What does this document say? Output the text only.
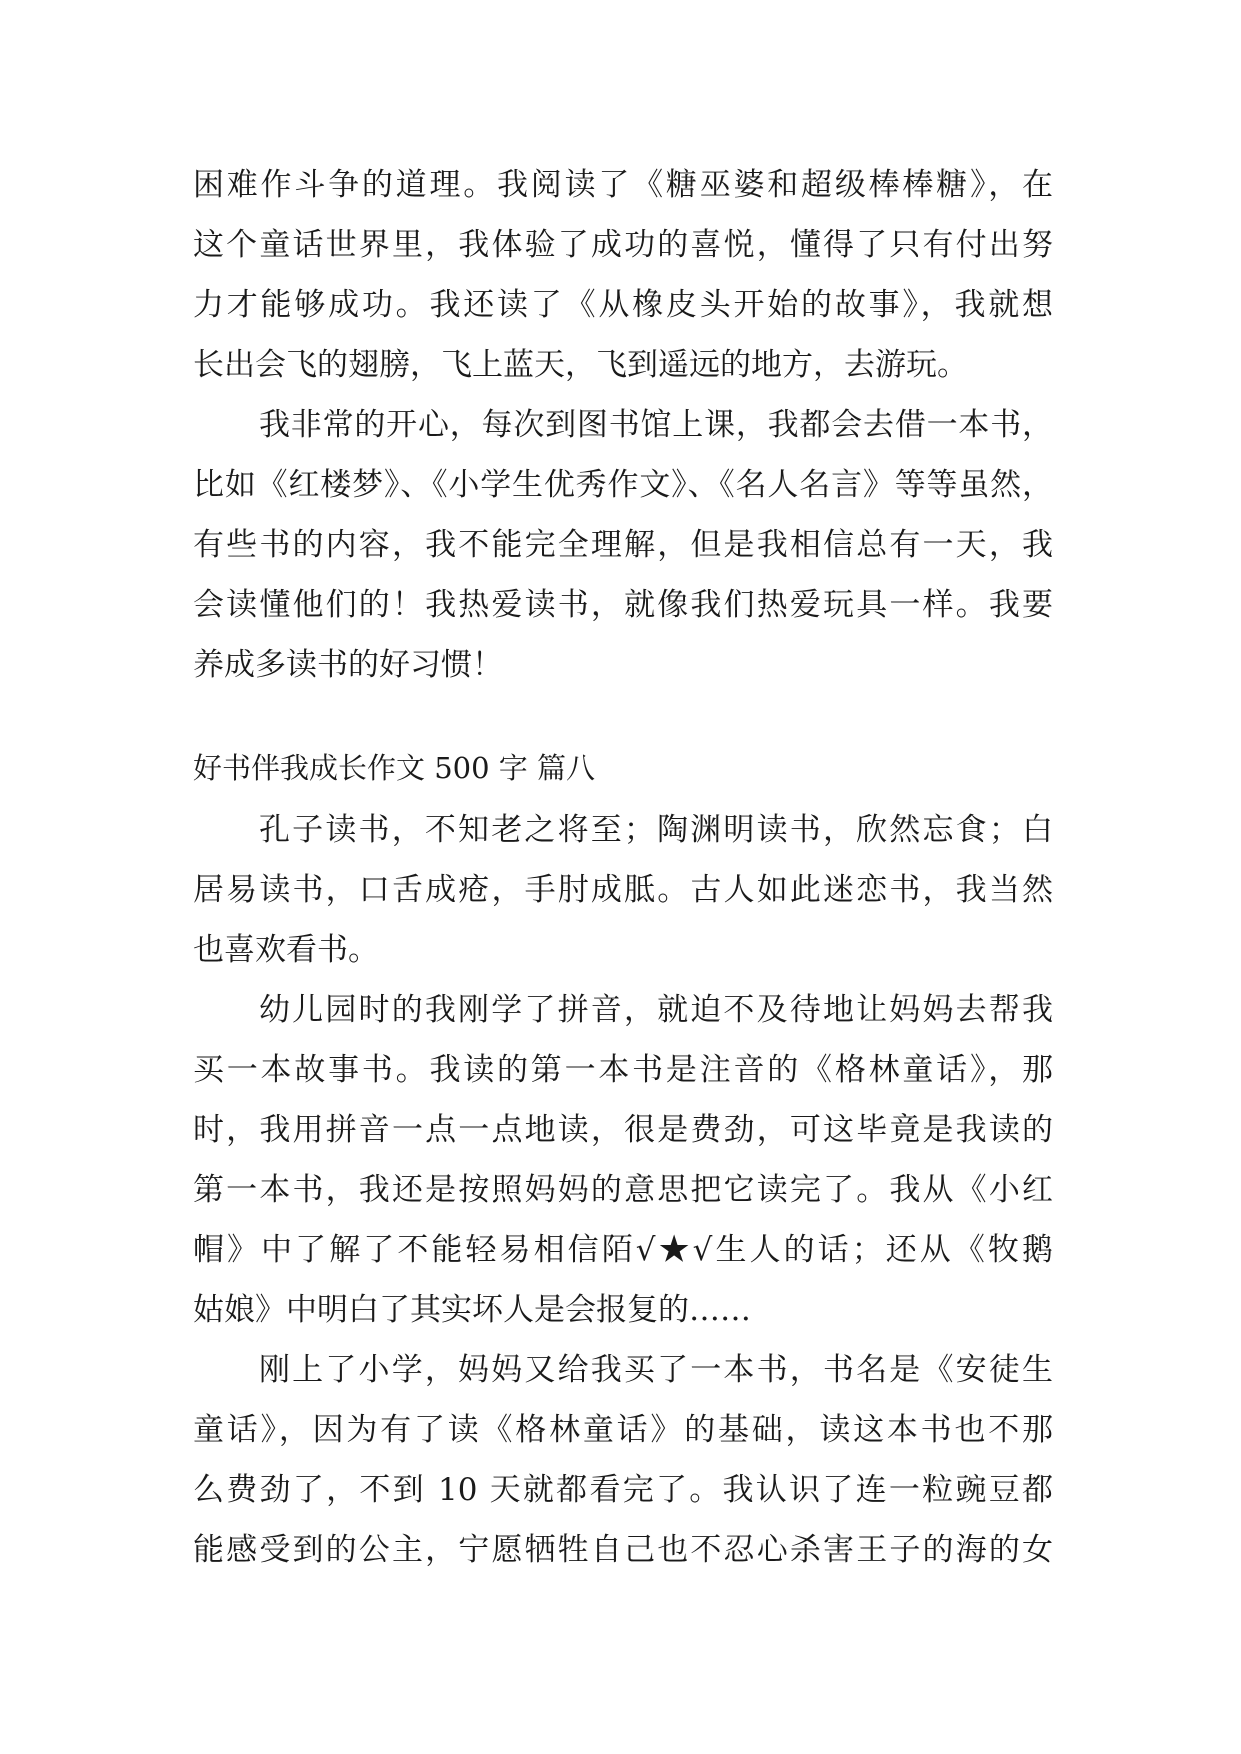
困难作斗争的道理。我阅读了《糖巫婆和超级棒棒糖》，在
这个童话世界里，我体验了成功的喜悦，懂得了只有付出努
力才能够成功。我还读了《从橡皮头开始的故事》，我就想
长出会飞的翅膀，飞上蓝天，飞到遥远的地方，去游玩。
我非常的开心，每次到图书馆上课，我都会去借一本书，
比如《红楼梦》、《小学生优秀作文》、《名人名言》等等虽然，
有些书的内容，我不能完全理解，但是我相信总有一天，我
会读懂他们的！我热爱读书，就像我们热爱玩具一样。我要
养成多读书的好习惯！
好书伴我成长作文 500 字 篇八
孔子读书，不知老之将至；陶渊明读书，欣然忘食；白
居易读书，口舌成疮，手肘成胝。古人如此迷恋书，我当然
也喜欢看书。
幼儿园时的我刚学了拼音，就迫不及待地让妈妈去帮我
买一本故事书。我读的第一本书是注音的《格林童话》，那
时，我用拼音一点一点地读，很是费劲，可这毕竟是我读的
第一本书，我还是按照妈妈的意思把它读完了。我从《小红
帽》中了解了不能轻易相信陌√★√生人的话；还从《牧鹅
姑娘》中明白了其实坏人是会报复的……
刚上了小学，妈妈又给我买了一本书，书名是《安徒生
童话》，因为有了读《格林童话》的基础，读这本书也不那
么费劲了，不到 10 天就都看完了。我认识了连一粒豌豆都
能感受到的公主，宁愿牺牲自己也不忍心杀害王子的海的女
